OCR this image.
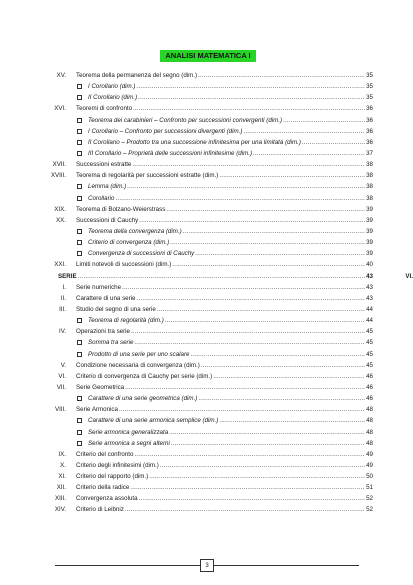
ANALISI MATEMATICA I
XV. Teorema della permanenza del segno (dim.) .....	35
I Corollario (dim.) .....	35
II Corollario (dim.) .....	35
XVI. Teoremi di confronto .....	36
Teorema dei carabinieri – Confronto per successioni convergenti (dim.) .....	36
I Corollario – Confronto per successioni divergenti (dim.) .....	36
II Corollario – Prodotto tra una successione infinitesima per una limitata (dim.) .....	36
III Corollario – Proprietà delle successioni infinitesime (dim.) .....	37
XVII. Successioni estratte .....	38
XVIII. Teorema di regolarità per successioni estratte (dim.) .....	38
Lemma (dim.) .....	38
Corollario .....	38
XIX. Teorema di Bolzano-Weierstrass .....	39
XX. Successioni di Cauchy .....	39
Teorema della convergenza (dim.) .....	39
Criterio di convergenza (dim.) .....	39
Convergenza di successioni di Cauchy .....	39
XXI. Limiti notevoli di successioni (dim.) .....	40
VI.
SERIE .....	43
I. Serie numeriche .....	43
II. Carattere di una serie .....	43
III. Studio del segno di una serie .....	44
Teorema di regolarità (dim.) .....	44
IV. Operazioni tra serie .....	45
Somma tra serie .....	45
Prodotto di una serie per uno scalare .....	45
V. Condizione necessaria di convergenza (dim.) .....	45
VI. Criterio di convergenza di Cauchy per serie (dim.) .....	46
VII. Serie Geometrica .....	46
Carattere di una serie geometrica (dim.) .....	46
VIII. Serie Armonica .....	48
Carattere di una serie armonica semplice (dim.) .....	48
Serie armonica generalizzata .....	48
Serie armonica a segni alterni .....	48
IX. Criterio del confronto .....	49
X. Criterio degli infinitesimi (dim.) .....	49
XI. Criterio del rapporto (dim.) .....	50
XII. Criterio della radice .....	51
XIII. Convergenza assoluta .....	52
XIV. Criterio di Leibniz .....	52
3
